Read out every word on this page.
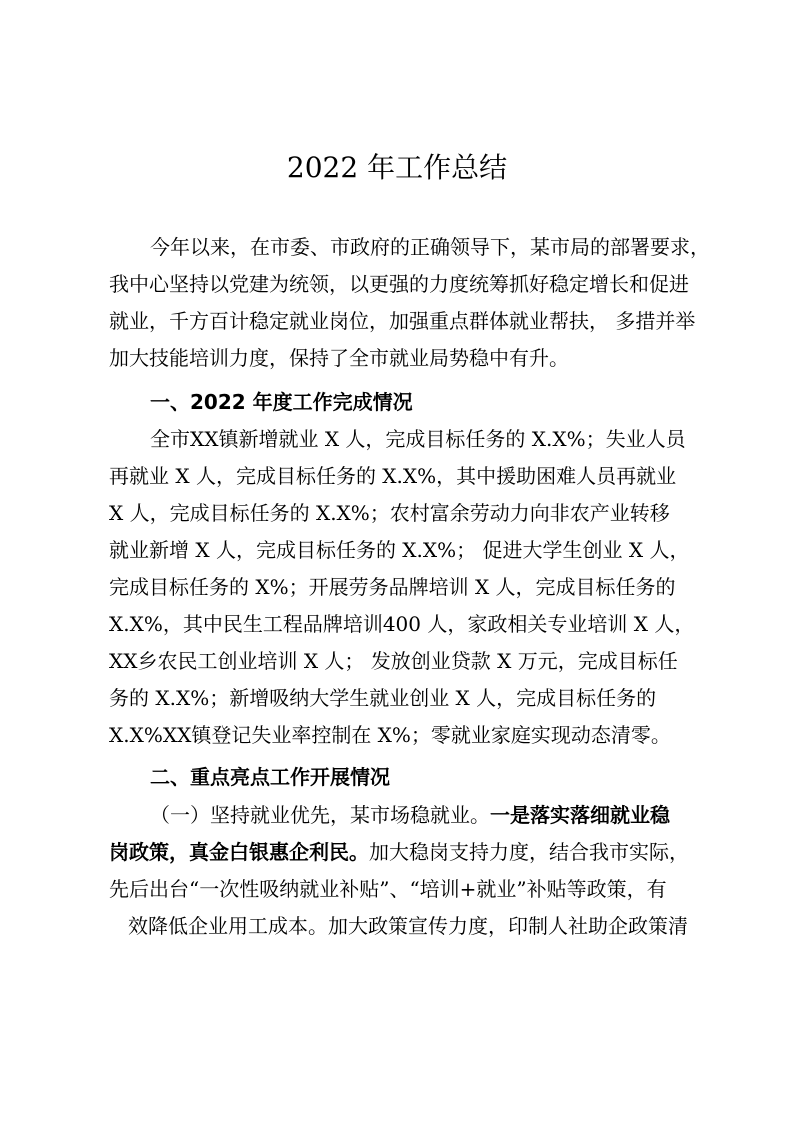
2022 年工作总结
今年以来，在市委、市政府的正确领导下，某市局的部署要求，
我中心坚持以党建为统领，以更强的力度统筹抓好稳定增长和促进
就业，千方百计稳定就业岗位，加强重点群体就业帮扶， 多措并举
加大技能培训力度，保持了全市就业局势稳中有升。
一、2022 年度工作完成情况
全市XX镇新增就业 X 人，完成目标任务的 X.X%；失业人员
再就业 X 人，完成目标任务的 X.X%，其中援助困难人员再就业
X 人，完成目标任务的 X.X%；农村富余劳动力向非农产业转移
就业新增 X 人，完成目标任务的 X.X%； 促进大学生创业 X 人，
完成目标任务的 X%；开展劳务品牌培训 X 人，完成目标任务的
X.X%，其中民生工程品牌培训400 人，家政相关专业培训 X 人，
XX乡农民工创业培训 X 人； 发放创业贷款 X 万元，完成目标任
务的 X.X%；新增吸纳大学生就业创业 X 人，完成目标任务的
X.X%XX镇登记失业率控制在 X%；零就业家庭实现动态清零。
二、重点亮点工作开展情况
（一）坚持就业优先，某市场稳就业。一是落实落细就业稳
岗政策，真金白银惠企利民。加大稳岗支持力度，结合我市实际，
先后出台“一次性吸纳就业补贴”、“培训+就业”补贴等政策，有
效降低企业用工成本。加大政策宣传力度，印制人社助企政策清
